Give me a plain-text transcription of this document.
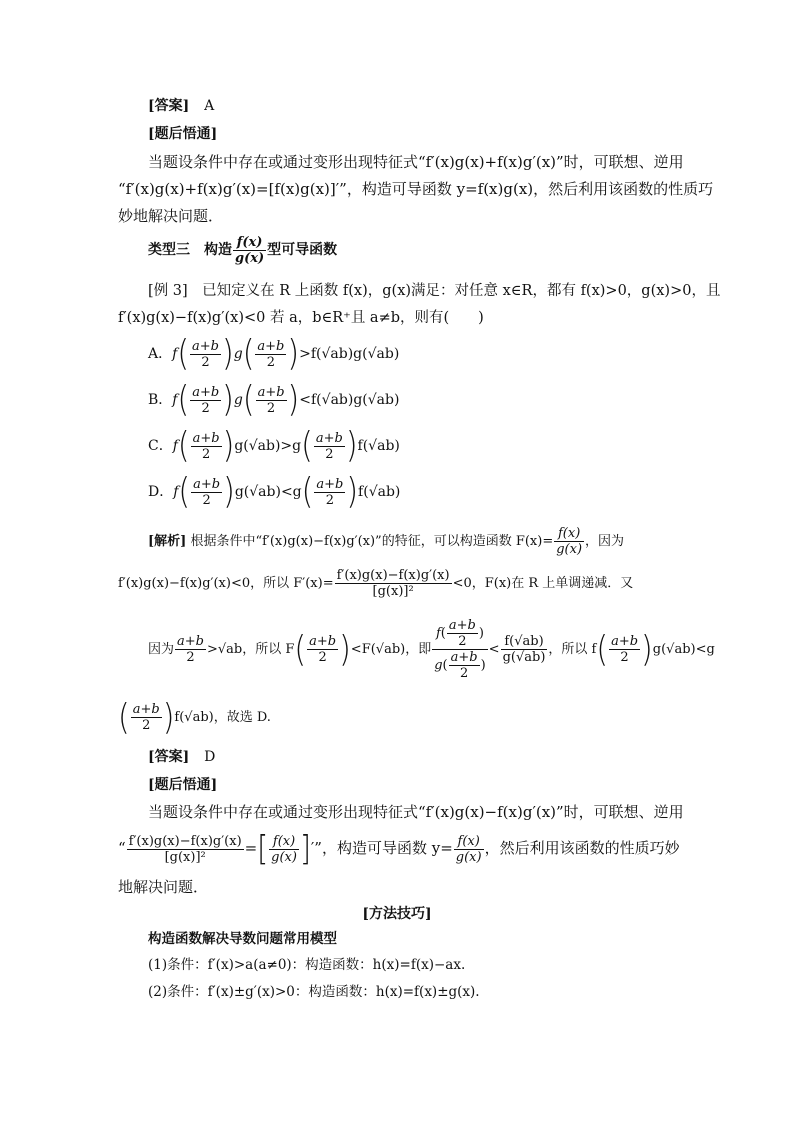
[答案] A
[题后悟通]
当题设条件中存在或通过变形出现特征式“f′(x)g(x)+f(x)g′(x)”时，可联想、逆用
“f′(x)g(x)+f(x)g′(x)=[f(x)g(x)]′”，构造可导函数 y=f(x)g(x)，然后利用该函数的性质巧
妙地解决问题．
类型三　构造 $\frac{f(x)}{g(x)}$ 型可导函数
[例 3]　已知定义在 R 上函数 f(x)，g(x)满足：对任意 x∈R，都有 f(x)>0，g(x)>0，且
f′(x)g(x)−f(x)g′(x)<0 若 a，b∈R⁺且 a≠b，则有(　　)
A．$f( \frac{a+b}{2} )g( \frac{a+b}{2} )>f(√ab)g(√ab)$
B．$f( \frac{a+b}{2} )g( \frac{a+b}{2} )<f(√ab)g(√ab)$
C．$f( \frac{a+b}{2} )g(√ab)>g( \frac{a+b}{2} )f(√ab)$
D．$f( \frac{a+b}{2} )g(√ab)<g( \frac{a+b}{2} )f(√ab)$
[解析] 根据条件中“f′(x)g(x)−f(x)g′(x)”的特征，可以构造函数 $F(x)= \frac{f(x)}{g(x)}$ ，因为
f′(x)g(x)−f(x)g′(x)<0，所以 $F'(x)= \frac{f'(x)g(x)-f(x)g'(x)}{\text{[g(x)]²}} <0$，F(x)在 R 上单调递减．又
因为 $\frac{a+b}{2} >√ab$，所以 $F( \frac{a+b}{2} )<F(√ab)$，即 $\frac{f( \frac{a+b}{2} )}{g( \frac{a+b}{2} )} < \frac{f(√ab)}{g(√ab)}$ ，所以 $f( \frac{a+b}{2} )g(√ab)<g$
( $\frac{a+b}{2} )f(√ab)$，故选 D.
[答案] D
[题后悟通]
当题设条件中存在或通过变形出现特征式“f′(x)g(x)−f(x)g′(x)”时，可联想、逆用
“ $\frac{f'(x)g(x)-f(x)g'(x)}{\text{[g(x)]²}}$ =[ $\frac{f(x)}{g(x)}$ ]′”，构造可导函数 $y= \frac{f(x)}{g(x)}$ ，然后利用该函数的性质巧妙
地解决问题．
[方法技巧]
构造函数解决导数问题常用模型
(1)条件：f′(x)>a(a≠0)：构造函数：h(x)=f(x)−ax.
(2)条件：f′(x)±g′(x)>0：构造函数：h(x)=f(x)±g(x).
